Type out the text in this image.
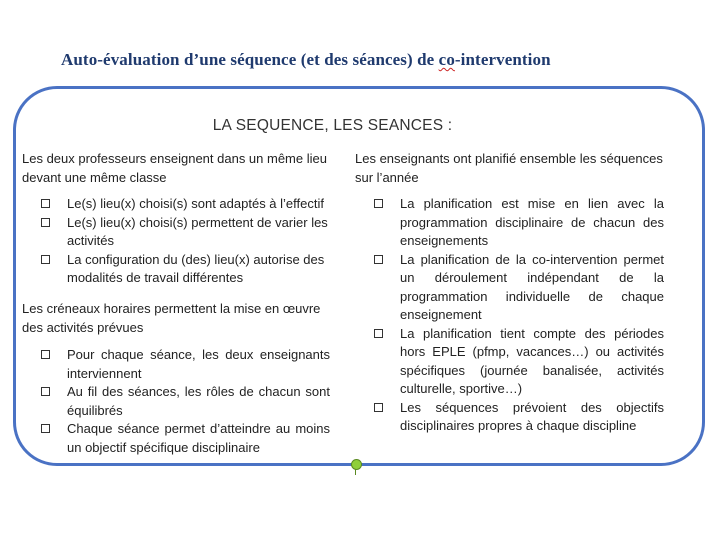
Auto-évaluation d’une séquence (et des séances) de co-intervention
LA SEQUENCE, LES SEANCES :
Les deux professeurs enseignent dans un même lieu devant une même classe
Le(s) lieu(x) choisi(s) sont adaptés à l’effectif
Le(s) lieu(x) choisi(s) permettent de varier les activités
La configuration du (des) lieu(x) autorise des modalités de travail différentes
Les créneaux horaires permettent la mise en œuvre des activités prévues
Pour chaque séance, les deux enseignants interviennent
Au fil des séances, les rôles de chacun sont équilibrés
Chaque séance permet d’atteindre au moins un objectif spécifique disciplinaire
Les enseignants ont planifié ensemble les séquences sur l’année
La planification est mise en lien avec la programmation disciplinaire de chacun des enseignements
La planification de la co-intervention permet un déroulement indépendant de la programmation individuelle de chaque enseignement
La planification tient compte des périodes hors EPLE (pfmp, vacances…) ou activités spécifiques (journée banalisée, activités culturelle, sportive…)
Les séquences prévoient des objectifs disciplinaires propres à chaque discipline
